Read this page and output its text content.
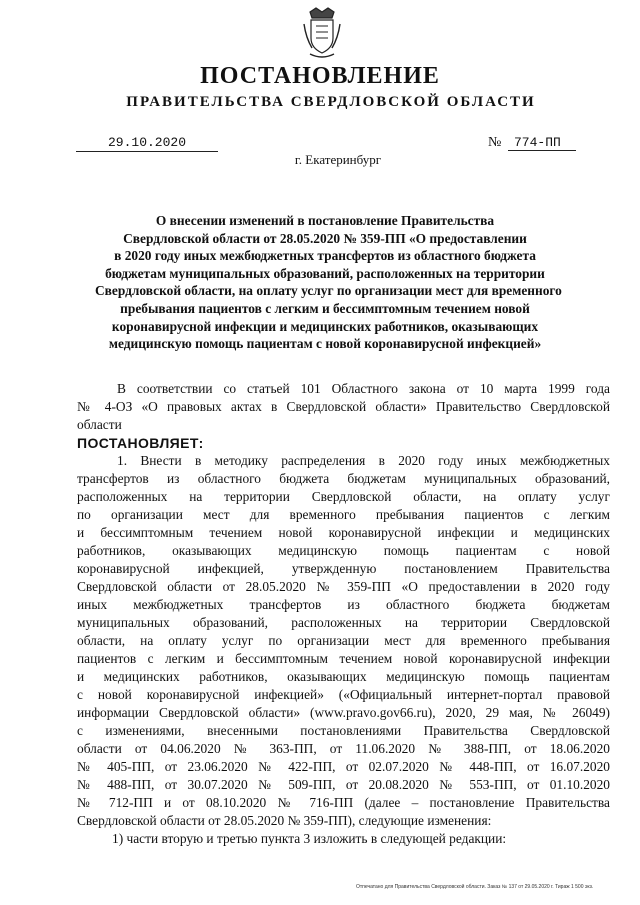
ПОСТАНОВЛЕНИЕ
ПРАВИТЕЛЬСТВА СВЕРДЛОВСКОЙ ОБЛАСТИ
29.10.2020	№ 774-ПП
г. Екатеринбург
О внесении изменений в постановление Правительства
Свердловской области от 28.05.2020 № 359-ПП «О предоставлении
в 2020 году иных межбюджетных трансфертов из областного бюджета
бюджетам муниципальных образований, расположенных на территории
Свердловской области, на оплату услуг по организации мест для временного
пребывания пациентов с легким и бессимптомным течением новой
коронавирусной инфекции и медицинских работников, оказывающих
медицинскую помощь пациентам с новой коронавирусной инфекцией»
В соответствии со статьей 101 Областного закона от 10 марта 1999 года
№ 4-ОЗ «О правовых актах в Свердловской области» Правительство Свердловской
области
ПОСТАНОВЛЯЕТ:
1. Внести в методику распределения в 2020 году иных межбюджетных
трансфертов из областного бюджета бюджетам муниципальных образований,
расположенных на территории Свердловской области, на оплату услуг
по организации мест для временного пребывания пациентов с легким
и бессимптомным течением новой коронавирусной инфекции и медицинских
работников, оказывающих медицинскую помощь пациентам с новой
коронавирусной инфекцией, утвержденную постановлением Правительства
Свердловской области от 28.05.2020 № 359-ПП «О предоставлении в 2020 году
иных межбюджетных трансфертов из областного бюджета бюджетам
муниципальных образований, расположенных на территории Свердловской
области, на оплату услуг по организации мест для временного пребывания
пациентов с легким и бессимптомным течением новой коронавирусной инфекции
и медицинских работников, оказывающих медицинскую помощь пациентам
с новой коронавирусной инфекцией» («Официальный интернет-портал правовой
информации Свердловской области» (www.pravo.gov66.ru), 2020, 29 мая, № 26049)
с изменениями, внесенными постановлениями Правительства Свердловской
области от 04.06.2020 № 363-ПП, от 11.06.2020 № 388-ПП, от 18.06.2020
№ 405-ПП, от 23.06.2020 № 422-ПП, от 02.07.2020 № 448-ПП, от 16.07.2020
№ 488-ПП, от 30.07.2020 № 509-ПП, от 20.08.2020 № 553-ПП, от 01.10.2020
№ 712-ПП и от 08.10.2020 № 716-ПП (далее – постановление Правительства
Свердловской области от 28.05.2020 № 359-ПП), следующие изменения:
1) части вторую и третью пункта 3 изложить в следующей редакции:
Отпечатано для Правительства Свердловской области. Заказ № 137 от 29.05.2020 г. Тираж 1 500 экз.
